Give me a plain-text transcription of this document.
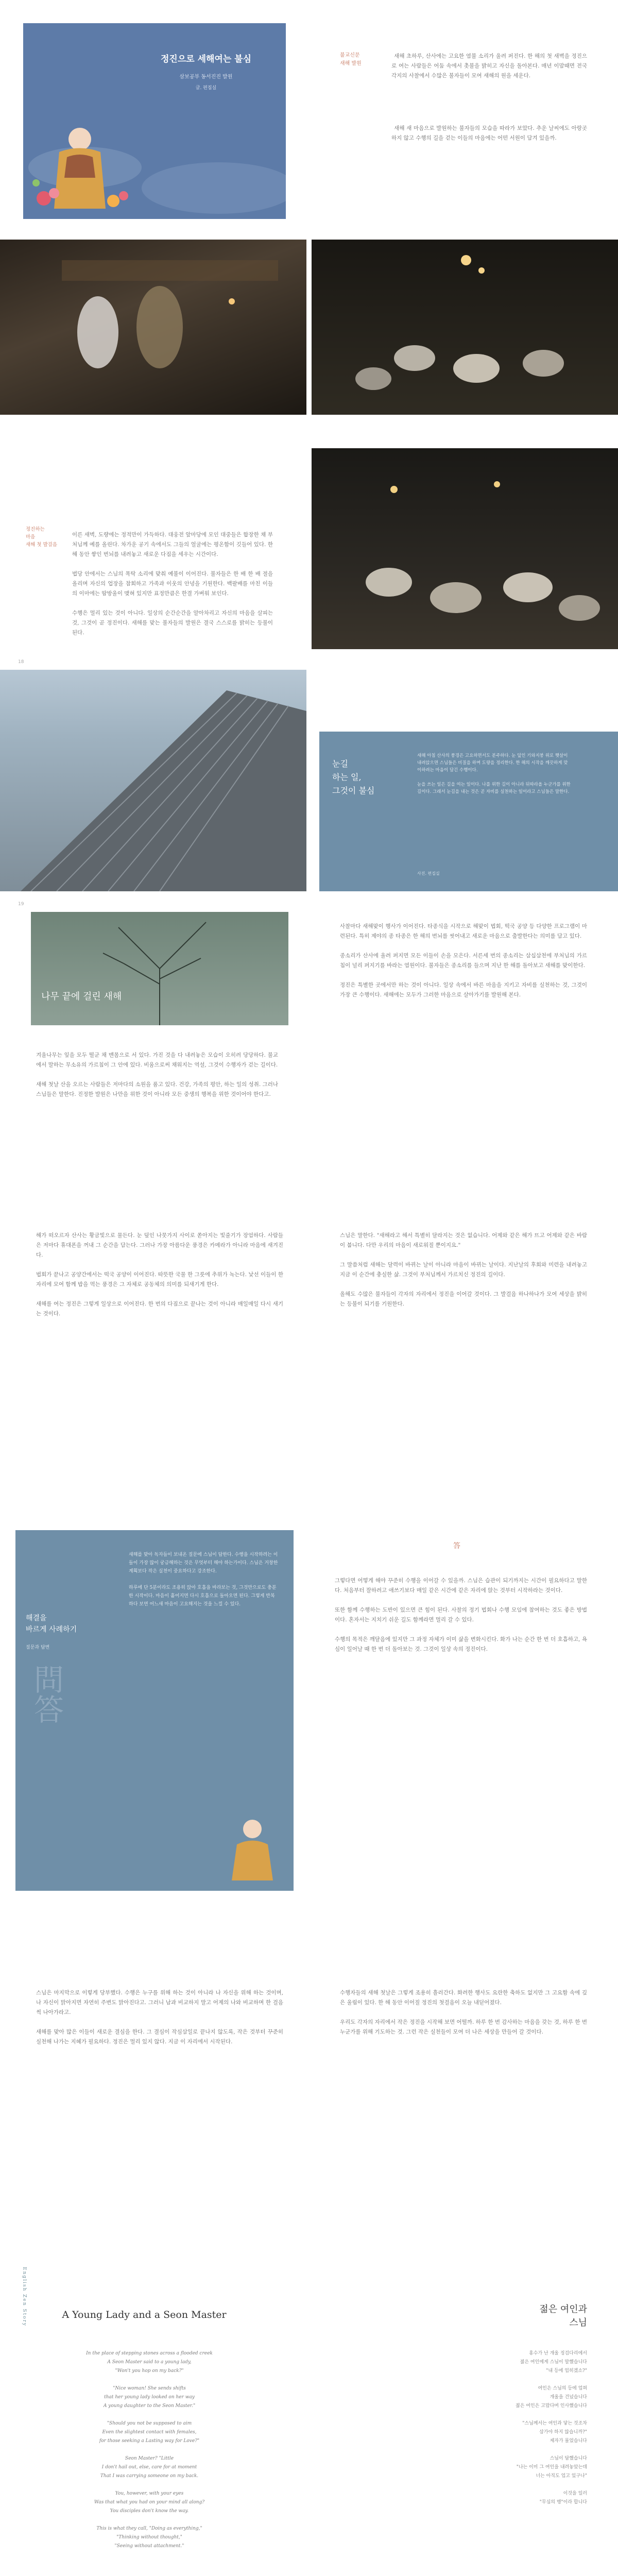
정진으로 세해여는 불심
삼보공부 동서진진 발원
글. 편집실
불교신문
새해 발원

새해 초하루, 산사에는 고요한 염불 소리가 울려 퍼진다. 한 해의 첫 새벽을 정진으로 여는 사람들은 어둠 속에서 촛불을 밝히고 자신을 돌아본다. 매년 이맘때면 전국 각지의 사찰에서 수많은 불자들이 모여 새해의 원을 세운다.

새해 새 마음으로 발원하는 불자들의 모습을 따라가 보았다. 추운 날씨에도 아랑곳하지 않고 수행의 길을 걷는 이들의 마음에는 어떤 서원이 담겨 있을까.

정진하는
마음
새해 첫 발걸음

이른 새벽, 도량에는 정적만이 가득하다. 대웅전 앞마당에 모인 대중들은 합장한 채 부처님께 예를 올린다. 차가운 공기 속에서도 그들의 얼굴에는 평온함이 깃들어 있다. 한 해 동안 쌓인 번뇌를 내려놓고 새로운 다짐을 세우는 시간이다.

법당 안에서는 스님의 목탁 소리에 맞춰 예불이 이어진다. 불자들은 한 배 한 배 절을 올리며 자신의 업장을 참회하고 가족과 이웃의 안녕을 기원한다. 백팔배를 마친 이들의 이마에는 땀방울이 맺혀 있지만 표정만큼은 한결 가벼워 보인다.

수행은 멀리 있는 것이 아니다. 일상의 순간순간을 알아차리고 자신의 마음을 살피는 것, 그것이 곧 정진이다. 새해를 맞는 불자들의 발원은 결국 스스로를 밝히는 등불이 된다.

18
눈길
하는 일,
그것이 불심
새해 아침 산사의 풍경은 고요하면서도 분주하다. 눈 덮인 기와지붕 위로 햇살이 내려앉으면 스님들은 비질을 하며 도량을 정리한다. 한 해의 시작을 깨끗하게 맞이하려는 마음이 담긴 수행이다.

눈을 쓰는 일은 길을 여는 일이다. 나를 위한 길이 아니라 뒤따라올 누군가를 위한 길이다. 그래서 눈길을 내는 것은 곧 자비를 실천하는 일이라고 스님들은 말한다.
사진. 편집실
19
나무 끝에 걸린 새해

겨울나무는 잎을 모두 떨군 채 맨몸으로 서 있다. 가진 것을 다 내려놓은 모습이 오히려 당당하다. 불교에서 말하는 무소유의 가르침이 그 안에 있다. 비움으로써 채워지는 역설, 그것이 수행자가 걷는 길이다.

새해 첫날 산을 오르는 사람들은 저마다의 소원을 품고 있다. 건강, 가족의 평안, 하는 일의 성취. 그러나 스님들은 말한다. 진정한 발원은 나만을 위한 것이 아니라 모든 중생의 행복을 위한 것이어야 한다고.

사찰마다 새해맞이 행사가 이어진다. 타종식을 시작으로 해맞이 법회, 떡국 공양 등 다양한 프로그램이 마련된다. 특히 제야의 종 타종은 한 해의 번뇌를 씻어내고 새로운 마음으로 출발한다는 의미를 담고 있다.

종소리가 산사에 울려 퍼지면 모든 이들이 손을 모은다. 서른세 번의 종소리는 삼십삼천에 부처님의 가르침이 널리 퍼지기를 바라는 염원이다. 불자들은 종소리를 들으며 지난 한 해를 돌아보고 새해를 맞이한다.

정진은 특별한 곳에서만 하는 것이 아니다. 일상 속에서 바른 마음을 지키고 자비를 실천하는 것, 그것이 가장 큰 수행이다. 새해에는 모두가 그러한 마음으로 살아가기를 발원해 본다.

해가 떠오르자 산사는 황금빛으로 물든다. 눈 덮인 나뭇가지 사이로 쏟아지는 빛줄기가 장엄하다. 사람들은 저마다 휴대폰을 꺼내 그 순간을 담는다. 그러나 가장 아름다운 풍경은 카메라가 아니라 마음에 새겨진다.

법회가 끝나고 공양간에서는 떡국 공양이 이어진다. 따뜻한 국물 한 그릇에 추위가 녹는다. 낯선 이들이 한 자리에 모여 함께 밥을 먹는 풍경은 그 자체로 공동체의 의미를 되새기게 한다.

새해를 여는 정진은 그렇게 일상으로 이어진다. 한 번의 다짐으로 끝나는 것이 아니라 매일매일 다시 새기는 것이다.

스님은 말한다. "새해라고 해서 특별히 달라지는 것은 없습니다. 어제와 같은 해가 뜨고 어제와 같은 바람이 붑니다. 다만 우리의 마음이 새로워질 뿐이지요."

그 말씀처럼 새해는 달력이 바뀌는 날이 아니라 마음이 바뀌는 날이다. 지난날의 후회와 미련을 내려놓고 지금 이 순간에 충실한 삶. 그것이 부처님께서 가르치신 정진의 길이다.

올해도 수많은 불자들이 각자의 자리에서 정진을 이어갈 것이다. 그 발걸음 하나하나가 모여 세상을 밝히는 등불이 되기를 기원한다.

問答
해결을
바르게 사례하기
질문과 답변
새해를 맞아 독자들이 보내온 질문에 스님이 답한다. 수행을 시작하려는 이들이 가장 많이 궁금해하는 것은 무엇부터 해야 하는가이다. 스님은 거창한 계획보다 작은 실천이 중요하다고 강조한다.

하루에 단 5분이라도 조용히 앉아 호흡을 바라보는 것, 그것만으로도 충분한 시작이다. 마음이 흩어지면 다시 호흡으로 돌아오면 된다. 그렇게 반복하다 보면 어느새 마음이 고요해지는 것을 느낄 수 있다.
答

그렇다면 어떻게 해야 꾸준히 수행을 이어갈 수 있을까. 스님은 습관이 되기까지는 시간이 필요하다고 말한다. 처음부터 잘하려고 애쓰기보다 매일 같은 시간에 같은 자리에 앉는 것부터 시작하라는 것이다.

또한 함께 수행하는 도반이 있으면 큰 힘이 된다. 사찰의 정기 법회나 수행 모임에 참여하는 것도 좋은 방법이다. 혼자서는 지치기 쉬운 길도 함께라면 멀리 갈 수 있다.

수행의 목적은 깨달음에 있지만 그 과정 자체가 이미 삶을 변화시킨다. 화가 나는 순간 한 번 더 호흡하고, 욕심이 일어날 때 한 번 더 돌아보는 것. 그것이 일상 속의 정진이다.

스님은 마지막으로 이렇게 당부했다. 수행은 누구를 위해 하는 것이 아니라 나 자신을 위해 하는 것이며, 나 자신이 맑아지면 자연히 주변도 맑아진다고. 그러니 남과 비교하지 말고 어제의 나와 비교하며 한 걸음씩 나아가라고.

새해를 맞아 많은 이들이 새로운 결심을 한다. 그 결심이 작심삼일로 끝나지 않도록, 작은 것부터 꾸준히 실천해 나가는 지혜가 필요하다. 정진은 멀리 있지 않다. 지금 이 자리에서 시작된다.

수행자들의 새해 첫날은 그렇게 조용히 흘러간다. 화려한 행사도 요란한 축하도 없지만 그 고요함 속에 깊은 울림이 있다. 한 해 동안 이어질 정진의 첫걸음이 오늘 내딛어졌다.

우리도 각자의 자리에서 작은 정진을 시작해 보면 어떨까. 하루 한 번 감사하는 마음을 갖는 것, 하루 한 번 누군가를 위해 기도하는 것. 그런 작은 실천들이 모여 더 나은 세상을 만들어 갈 것이다.

English Zen Story	A Young Lady and a Seon Master
In the place of stepping stones across a flooded creek
A Seon Master said to a young lady,
"Won't you hop on my back?"

"Nice woman! She sends shifts
that her young lady looked on her way
A young daughter to the Seon Master."

"Should you not be supposed to aim
Even the slightest contact with females,
for those seeking a Lasting way for Love?"

Seon Master? "Little
I don't hail out, else, care for at moment
That I was carrying someone on my back.

You, however, with your eyes
Was that what you had on your mind all along?
You disciples don't know the way.

This is what they call, "Doing as everything,"
"Thinking without thought,"
"Seeing without attachment."
젊은 여인과
스님
홍수가 난 개울 징검다리에서
젊은 여인에게 스님이 말했습니다
"내 등에 업히겠소?"

여인은 스님의 등에 업혀
개울을 건넜습니다
젊은 여인은 고맙다며 인사했습니다

"스님께서는 여인과 닿는 것조차
삼가야 하지 않습니까?"
제자가 물었습니다

스님이 답했습니다
"나는 이미 그 여인을 내려놓았는데
너는 아직도 업고 있구나"

이것을 일러
"무심의 행"이라 합니다
